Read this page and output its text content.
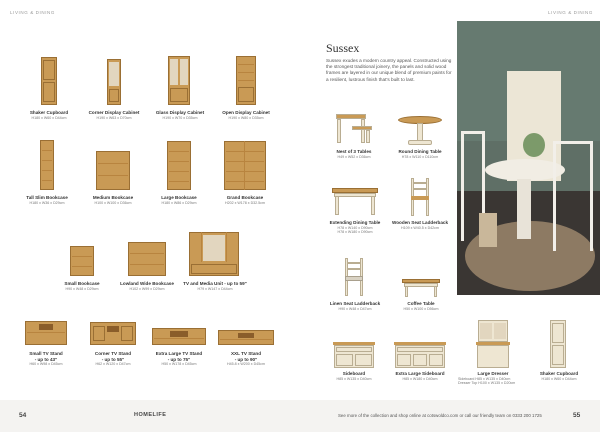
LIVING & DINING	LIVING & DINING
Shaker Cupboard
H180 x W60 x D44cm
Corner Display Cabinet
H190 x W63 x D70cm
Glass Display Cabinet
H190 x W70 x D35cm
Open Display Cabinet
H190 x W80 x D35cm
Tall Slim Bookcase
H180 x W36 x D29cm
Medium Bookcase
H100 x W100 x D36cm
Large Bookcase
H180 x W86 x D29cm
Grand Bookcase
H202 x W178 x D32.5cm
Small Bookcase
H90 x W48 x D29cm
Lowland Wide Bookcase
H102 x W99 x D29cm
TV and Media Unit - up to 59"
H79 x W147 x D44cm
Small TV Stand
- up to 43"
H60 x W98 x D45cm
Corner TV Stand
- up to 55"
H62 x W120 x D47cm
Extra Large TV Stand
- up to 75"
H50 x W178 x D45cm
XXL TV Stand
- up to 90"
H45.8 x W200 x D45cm
Sussex
Sussex exudes a modern country appeal. Constructed using the strongest traditional joinery, the panels and solid wood frames are layered in our unique blend of premium paints for a resilient, lustrous finish that's built to last.
Nest of 3 Tables
H49 x W52 x D36cm
Round Dining Table
H78 x W110 x D110cm
Extending Dining Table
H78 x W140 x D90cm
H78 x W180 x D90cm
Wooden Seat Ladderback
H109 x W40.5 x D42cm
Linen Seat Ladderback
H90 x W48 x D47cm
Coffee Table
H50 x W100 x D56cm
Sideboard
H85 x W135 x D40cm
Extra Large Sideboard
H85 x W180 x D40cm
Large Dresser
Sideboard H85 x W135 x D40cm
Dresser Top H100 x W135 x D20cm
Shaker Cupboard
H180 x W60 x D44cm
54	HOMELIFE	See more of the collection and shop online at cotswoldco.com or call our friendly team on 0333 200 1725	55
